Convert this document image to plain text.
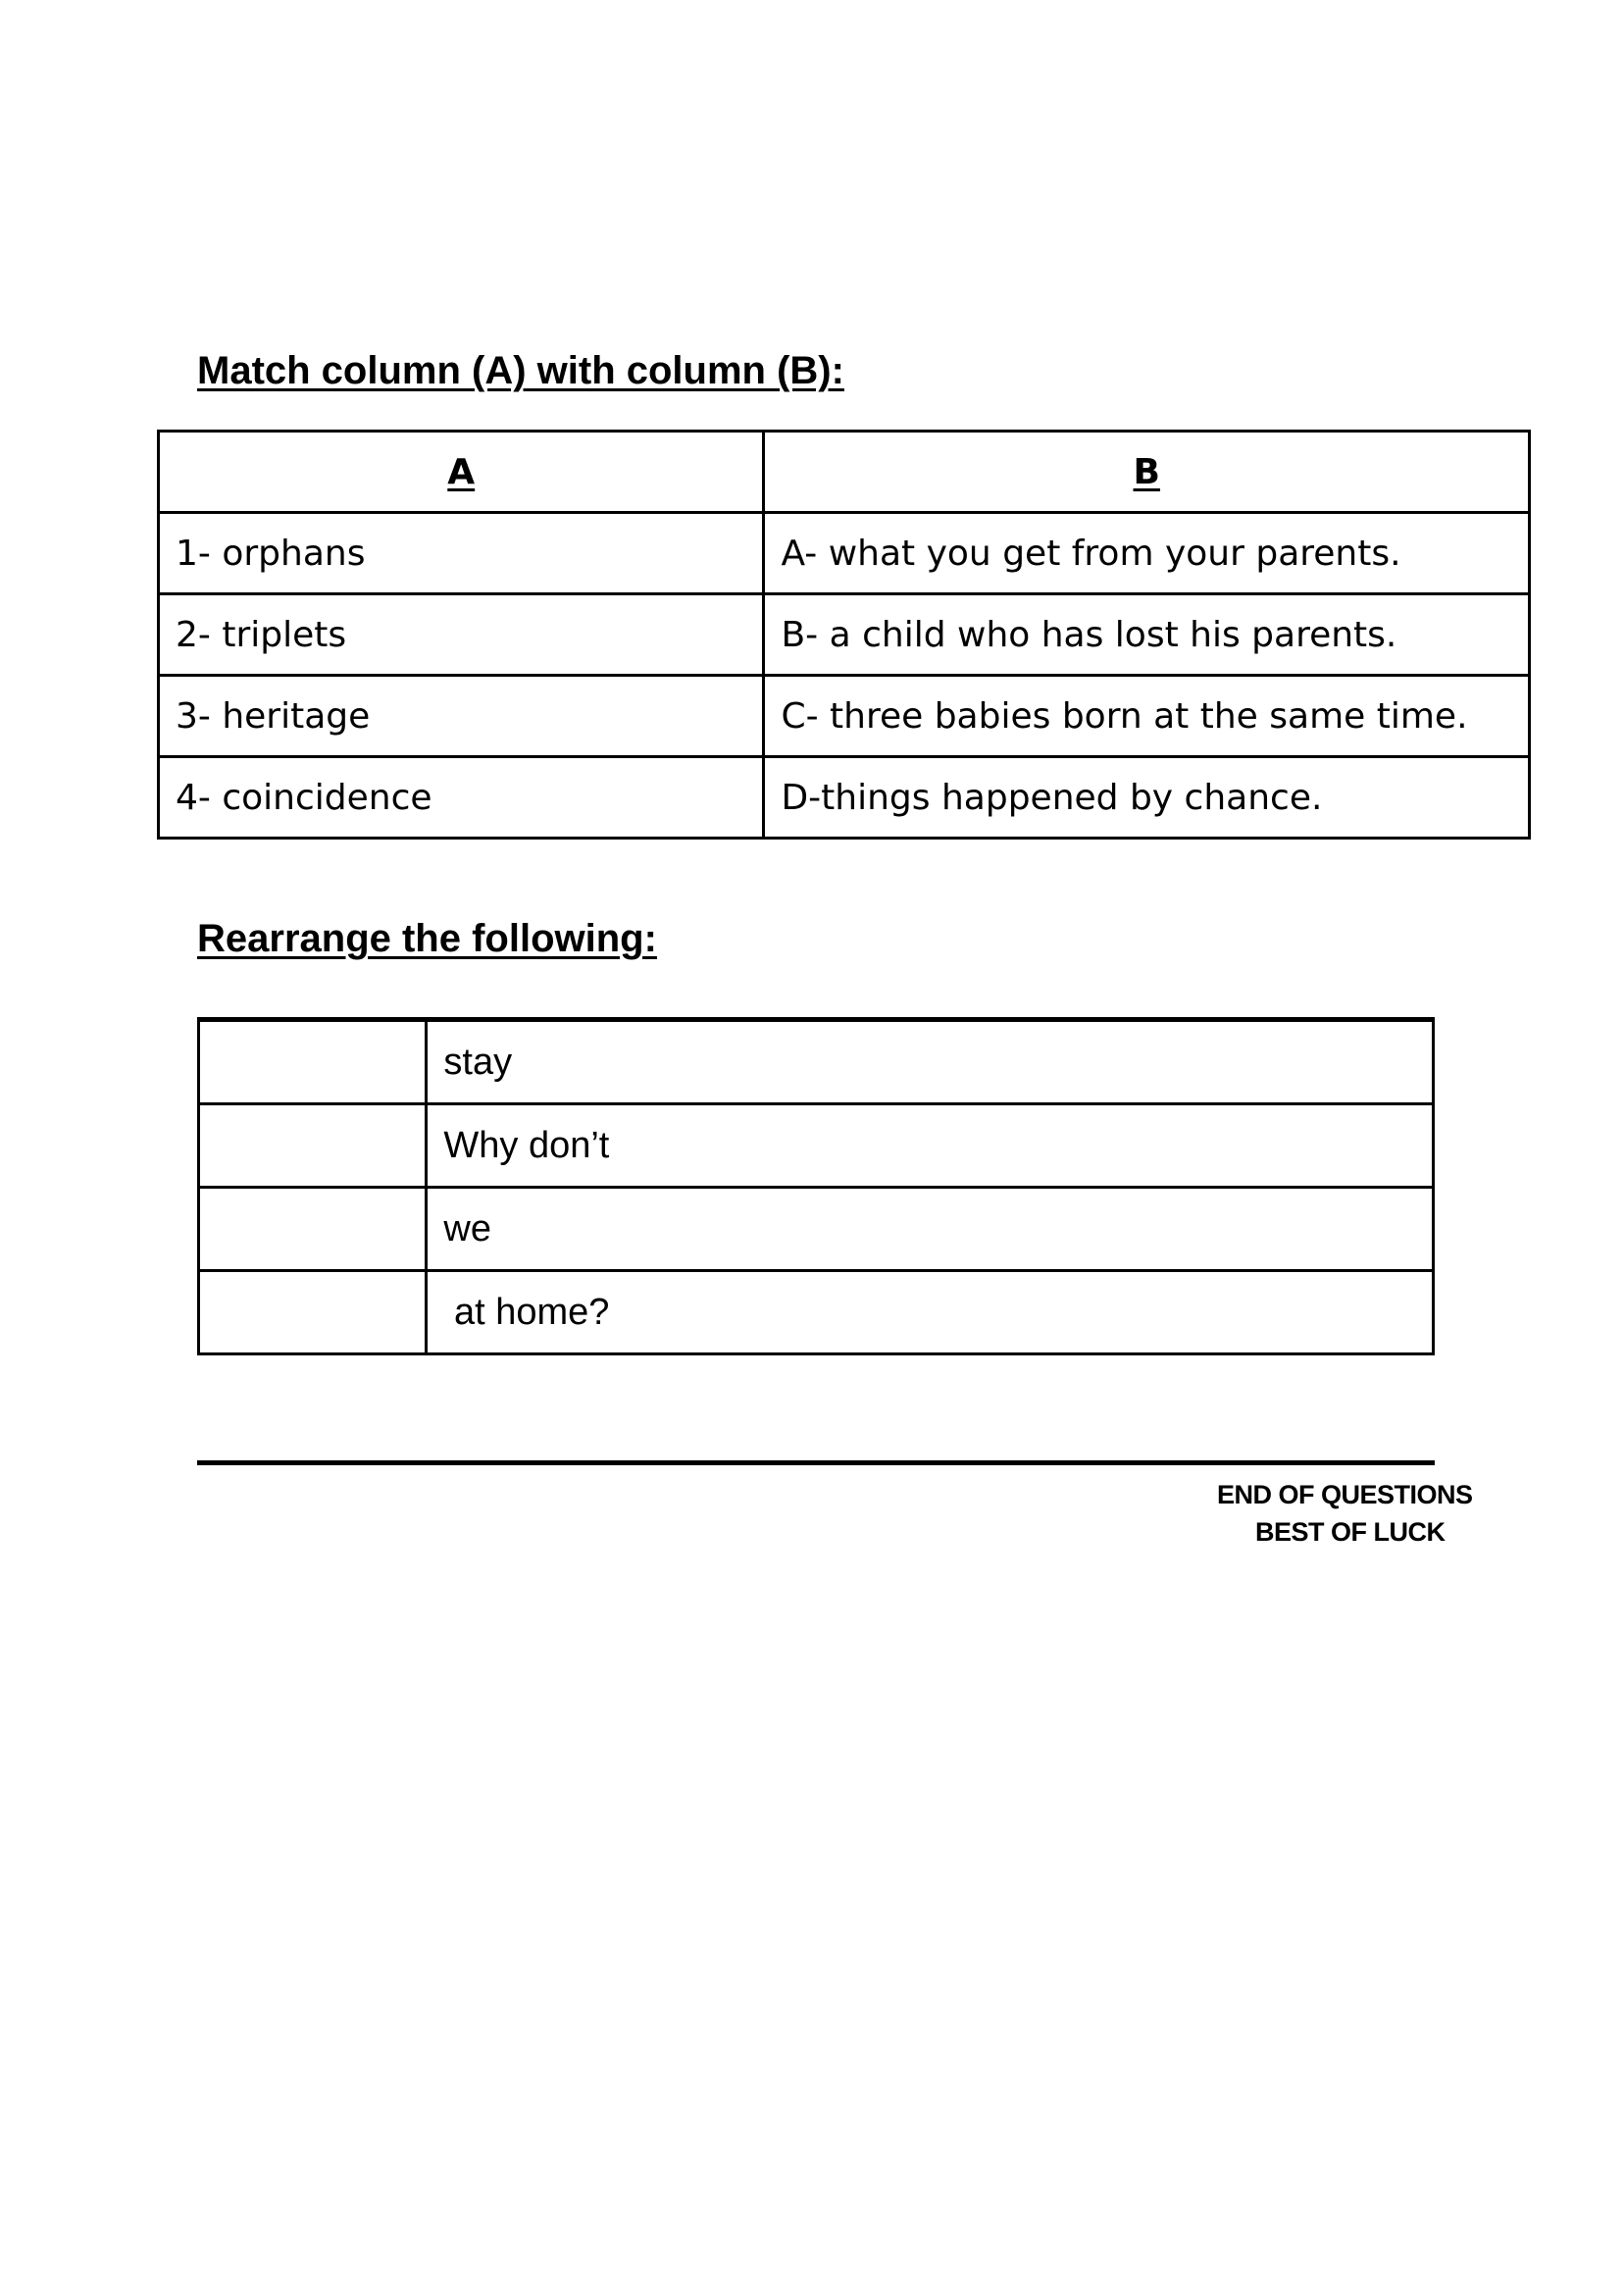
Match column (A) with column (B):
A	B
1- orphans	A- what you get from your parents.
2- triplets	B- a child who has lost his parents.
3- heritage	C- three babies born at the same time.
4- coincidence	D-things happened by chance.
Rearrange the following:
	stay
	Why don’t
	we
	at home?
END OF QUESTIONS
BEST OF LUCK
